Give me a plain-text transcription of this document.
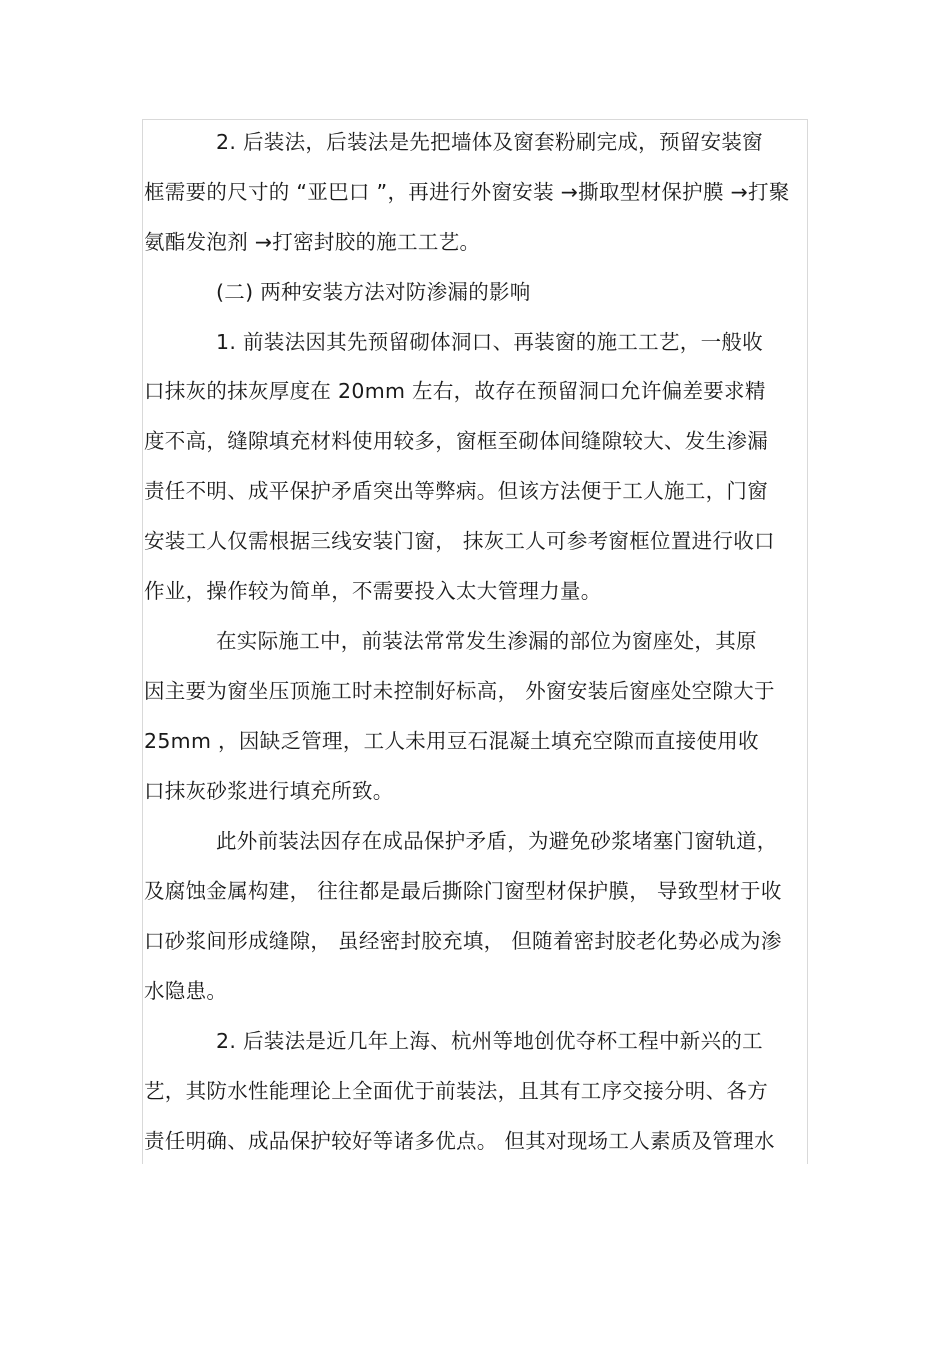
2. 后装法，后装法是先把墙体及窗套粉刷完成，预留安装窗
框需要的尺寸的 “亚巴口 ”，再进行外窗安装 →撕取型材保护膜 →打聚
氨酯发泡剂 →打密封胶的施工工艺。
(二) 两种安装方法对防渗漏的影响
1. 前装法因其先预留砌体洞口、再装窗的施工工艺，一般收
口抹灰的抹灰厚度在 20mm 左右，故存在预留洞口允许偏差要求精
度不高，缝隙填充材料使用较多，窗框至砌体间缝隙较大、发生渗漏
责任不明、成平保护矛盾突出等弊病。但该方法便于工人施工，门窗
安装工人仅需根据三线安装门窗， 抹灰工人可参考窗框位置进行收口
作业，操作较为简单，不需要投入太大管理力量。
在实际施工中，前装法常常发生渗漏的部位为窗座处，其原
因主要为窗坐压顶施工时未控制好标高， 外窗安装后窗座处空隙大于
25mm ，因缺乏管理，工人未用豆石混凝土填充空隙而直接使用收
口抹灰砂浆进行填充所致。
此外前装法因存在成品保护矛盾，为避免砂浆堵塞门窗轨道，
及腐蚀金属构建， 往往都是最后撕除门窗型材保护膜， 导致型材于收
口砂浆间形成缝隙， 虽经密封胶充填， 但随着密封胶老化势必成为渗
水隐患。
2. 后装法是近几年上海、杭州等地创优夺杯工程中新兴的工
艺，其防水性能理论上全面优于前装法，且其有工序交接分明、各方
责任明确、成品保护较好等诸多优点。 但其对现场工人素质及管理水
